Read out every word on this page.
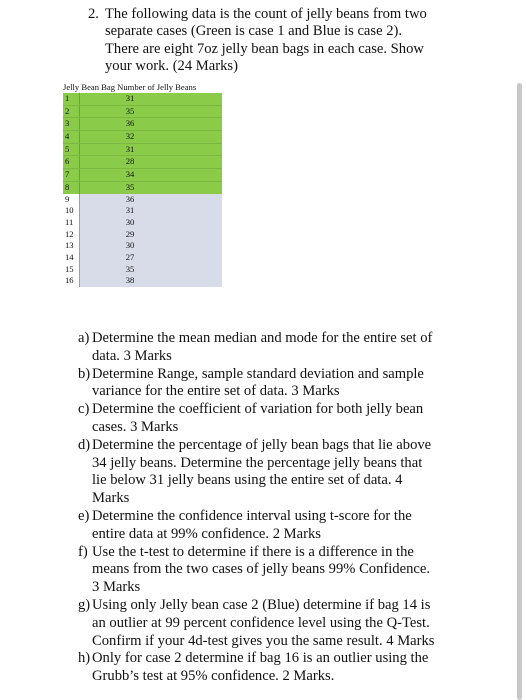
2. The following data is the count of jelly beans from two
separate cases (Green is case 1 and Blue is case 2).
There are eight 7oz jelly bean bags in each case. Show
your work. (24 Marks)
Jelly Bean Bag Number of Jelly Beans
1	31
2	35
3	36
4	32
5	31
6	28
7	34
8	35
9	36
10	31
11	30
12	29
13	30
14	27
15	35
16	38
a) Determine the mean median and mode for the entire set of
data. 3 Marks
b) Determine Range, sample standard deviation and sample
variance for the entire set of data. 3 Marks
c) Determine the coefficient of variation for both jelly bean
cases. 3 Marks
d) Determine the percentage of jelly bean bags that lie above
34 jelly beans. Determine the percentage jelly beans that
lie below 31 jelly beans using the entire set of data. 4
Marks
e) Determine the confidence interval using t-score for the
entire data at 99% confidence. 2 Marks
f) Use the t-test to determine if there is a difference in the
means from the two cases of jelly beans 99% Confidence.
3 Marks
g) Using only Jelly bean case 2 (Blue) determine if bag 14 is
an outlier at 99 percent confidence level using the Q-Test.
Confirm if your 4d-test gives you the same result. 4 Marks
h) Only for case 2 determine if bag 16 is an outlier using the
Grubb’s test at 95% confidence. 2 Marks.
